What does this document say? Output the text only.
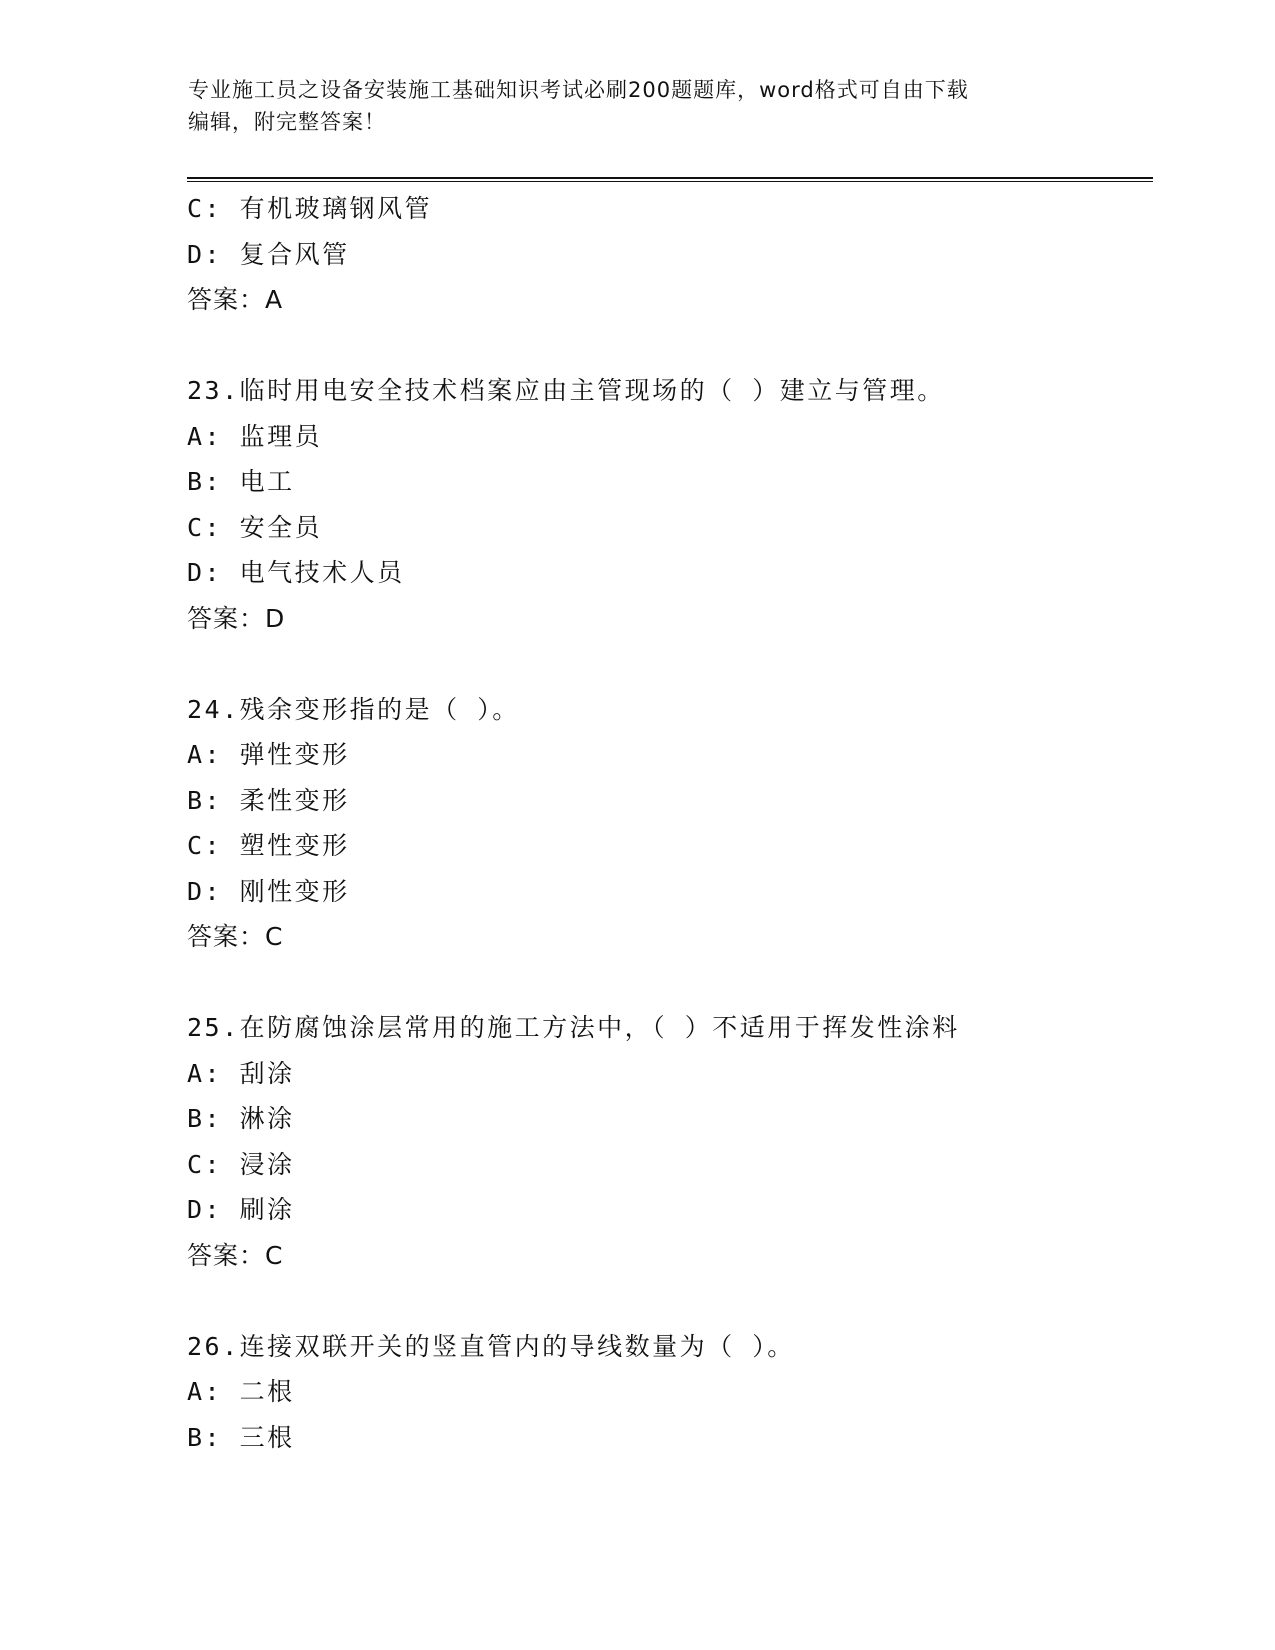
专业施工员之设备安装施工基础知识考试必刷200题题库，word格式可自由下载
编辑，附完整答案！
C: 有机玻璃钢风管
D: 复合风管
答案：A
23.临时用电安全技术档案应由主管现场的（ ）建立与管理。
A: 监理员
B: 电工
C: 安全员
D: 电气技术人员
答案：D
24.残余变形指的是（ ）。
A: 弹性变形
B: 柔性变形
C: 塑性变形
D: 刚性变形
答案：C
25.在防腐蚀涂层常用的施工方法中，（ ）不适用于挥发性涂料
A: 刮涂
B: 淋涂
C: 浸涂
D: 刷涂
答案：C
26.连接双联开关的竖直管内的导线数量为（ ）。
A: 二根
B: 三根
